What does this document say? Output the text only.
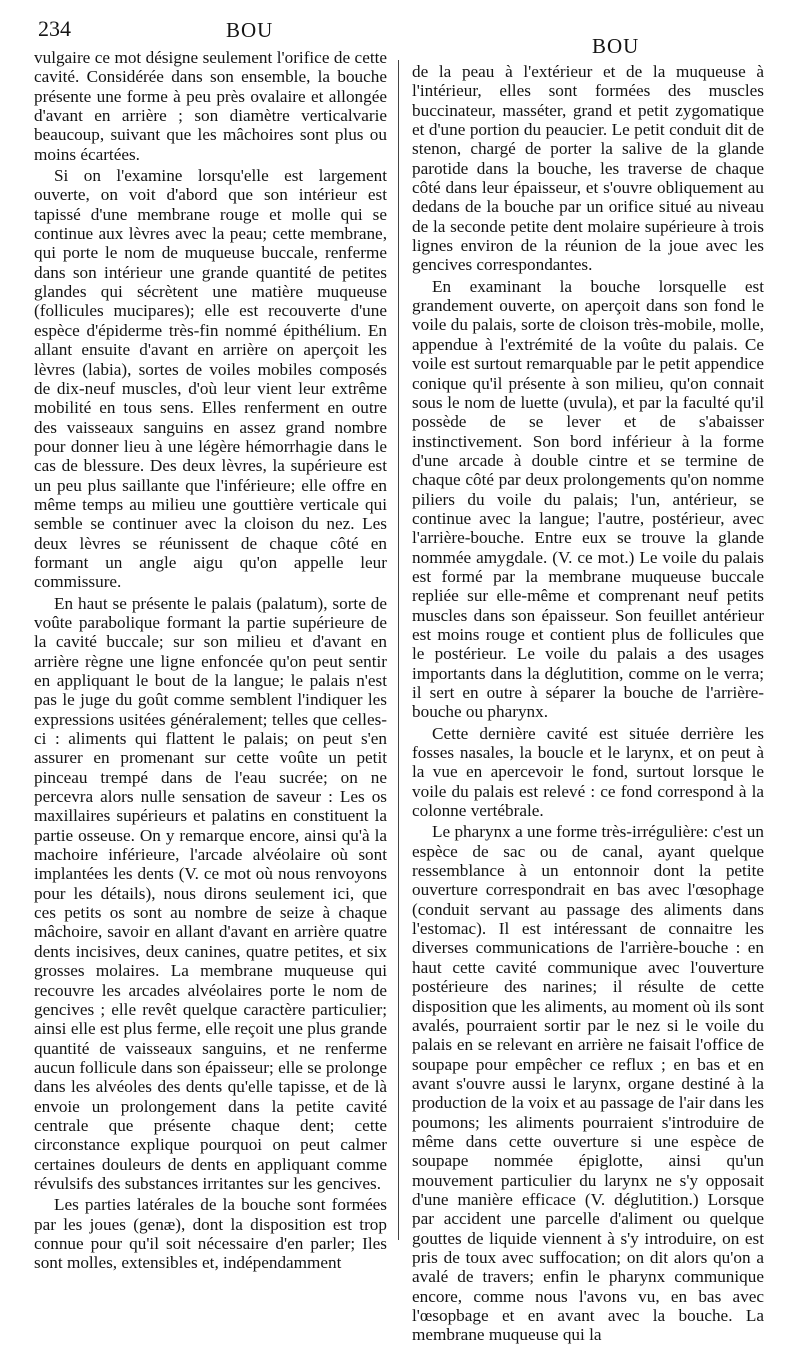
234	BOU
BOU

vulgaire ce mot désigne seulement l'orifice de cette cavité. Considérée dans son ensemble, la bouche présente une forme à peu près ovalaire et allongée d'avant en arrière ; son diamètre verticalvarie beaucoup, suivant que les mâchoires sont plus ou moins écartées.

Si on l'examine lorsqu'elle est largement ouverte, on voit d'abord que son intérieur est tapissé d'une membrane rouge et molle qui se continue aux lèvres avec la peau; cette membrane, qui porte le nom de muqueuse buccale, renferme dans son intérieur une grande quantité de petites glandes qui sécrètent une matière muqueuse (follicules mucipares); elle est recouverte d'une espèce d'épiderme très-fin nommé épithélium. En allant ensuite d'avant en arrière on aperçoit les lèvres (labia), sortes de voiles mobiles composés de dix-neuf muscles, d'où leur vient leur extrême mobilité en tous sens. Elles renferment en outre des vaisseaux sanguins en assez grand nombre pour donner lieu à une légère hémorrhagie dans le cas de blessure. Des deux lèvres, la supérieure est un peu plus saillante que l'inférieure; elle offre en même temps au milieu une gouttière verticale qui semble se continuer avec la cloison du nez. Les deux lèvres se réunissent de chaque côté en formant un angle aigu qu'on appelle leur commissure.

En haut se présente le palais (palatum), sorte de voûte parabolique formant la partie supérieure de la cavité buccale; sur son milieu et d'avant en arrière règne une ligne enfoncée qu'on peut sentir en appliquant le bout de la langue; le palais n'est pas le juge du goût comme semblent l'indiquer les expressions usitées généralement; telles que celles-ci : aliments qui flattent le palais; on peut s'en assurer en promenant sur cette voûte un petit pinceau trempé dans de l'eau sucrée; on ne percevra alors nulle sensation de saveur : Les os maxillaires supérieurs et palatins en constituent la partie osseuse. On y remarque encore, ainsi qu'à la machoire inférieure, l'arcade alvéolaire où sont implantées les dents (V. ce mot où nous renvoyons pour les détails), nous dirons seulement ici, que ces petits os sont au nombre de seize à chaque mâchoire, savoir en allant d'avant en arrière quatre dents incisives, deux canines, quatre petites, et six grosses molaires. La membrane muqueuse qui recouvre les arcades alvéolaires porte le nom de gencives ; elle revêt quelque caractère particulier; ainsi elle est plus ferme, elle reçoit une plus grande quantité de vaisseaux sanguins, et ne renferme aucun follicule dans son épaisseur; elle se prolonge dans les alvéoles des dents qu'elle tapisse, et de là envoie un prolongement dans la petite cavité centrale que présente chaque dent; cette circonstance explique pourquoi on peut calmer certaines douleurs de dents en appliquant comme révulsifs des substances irritantes sur les gencives.

Les parties latérales de la bouche sont formées par les joues (genæ), dont la disposition est trop connue pour qu'il soit nécessaire d'en parler; Iles sont molles, extensibles et, indépendamment

de la peau à l'extérieur et de la muqueuse à l'intérieur, elles sont formées des muscles buccinateur, masséter, grand et petit zygomatique et d'une portion du peaucier. Le petit conduit dit de stenon, chargé de porter la salive de la glande parotide dans la bouche, les traverse de chaque côté dans leur épaisseur, et s'ouvre obliquement au dedans de la bouche par un orifice situé au niveau de la seconde petite dent molaire supérieure à trois lignes environ de la réunion de la joue avec les gencives correspondantes.

En examinant la bouche lorsquelle est grandement ouverte, on aperçoit dans son fond le voile du palais, sorte de cloison très-mobile, molle, appendue à l'extrémité de la voûte du palais. Ce voile est surtout remarquable par le petit appendice conique qu'il présente à son milieu, qu'on connait sous le nom de luette (uvula), et par la faculté qu'il possède de se lever et de s'abaisser instinctivement. Son bord inférieur à la forme d'une arcade à double cintre et se termine de chaque côté par deux prolongements qu'on nomme piliers du voile du palais; l'un, antérieur, se continue avec la langue; l'autre, postérieur, avec l'arrière-bouche. Entre eux se trouve la glande nommée amygdale. (V. ce mot.) Le voile du palais est formé par la membrane muqueuse buccale repliée sur elle-même et comprenant neuf petits muscles dans son épaisseur. Son feuillet antérieur est moins rouge et contient plus de follicules que le postérieur. Le voile du palais a des usages importants dans la déglutition, comme on le verra; il sert en outre à séparer la bouche de l'arrière-bouche ou pharynx.

Cette dernière cavité est située derrière les fosses nasales, la boucle et le larynx, et on peut à la vue en apercevoir le fond, surtout lorsque le voile du palais est relevé : ce fond correspond à la colonne vertébrale.

Le pharynx a une forme très-irrégulière: c'est un espèce de sac ou de canal, ayant quelque ressemblance à un entonnoir dont la petite ouverture correspondrait en bas avec l'œsophage (conduit servant au passage des aliments dans l'estomac). Il est intéressant de connaitre les diverses communications de l'arrière-bouche : en haut cette cavité communique avec l'ouverture postérieure des narines; il résulte de cette disposition que les aliments, au moment où ils sont avalés, pourraient sortir par le nez si le voile du palais en se relevant en arrière ne faisait l'office de soupape pour empêcher ce reflux ; en bas et en avant s'ouvre aussi le larynx, organe destiné à la production de la voix et au passage de l'air dans les poumons; les aliments pourraient s'introduire de même dans cette ouverture si une espèce de soupape nommée épiglotte, ainsi qu'un mouvement particulier du larynx ne s'y opposait d'une manière efficace (V. déglutition.) Lorsque par accident une parcelle d'aliment ou quelque gouttes de liquide viennent à s'y introduire, on est pris de toux avec suffocation; on dit alors qu'on a avalé de travers; enfin le pharynx communique encore, comme nous l'avons vu, en bas avec l'œsopbage et en avant avec la bouche. La membrane muqueuse qui la
